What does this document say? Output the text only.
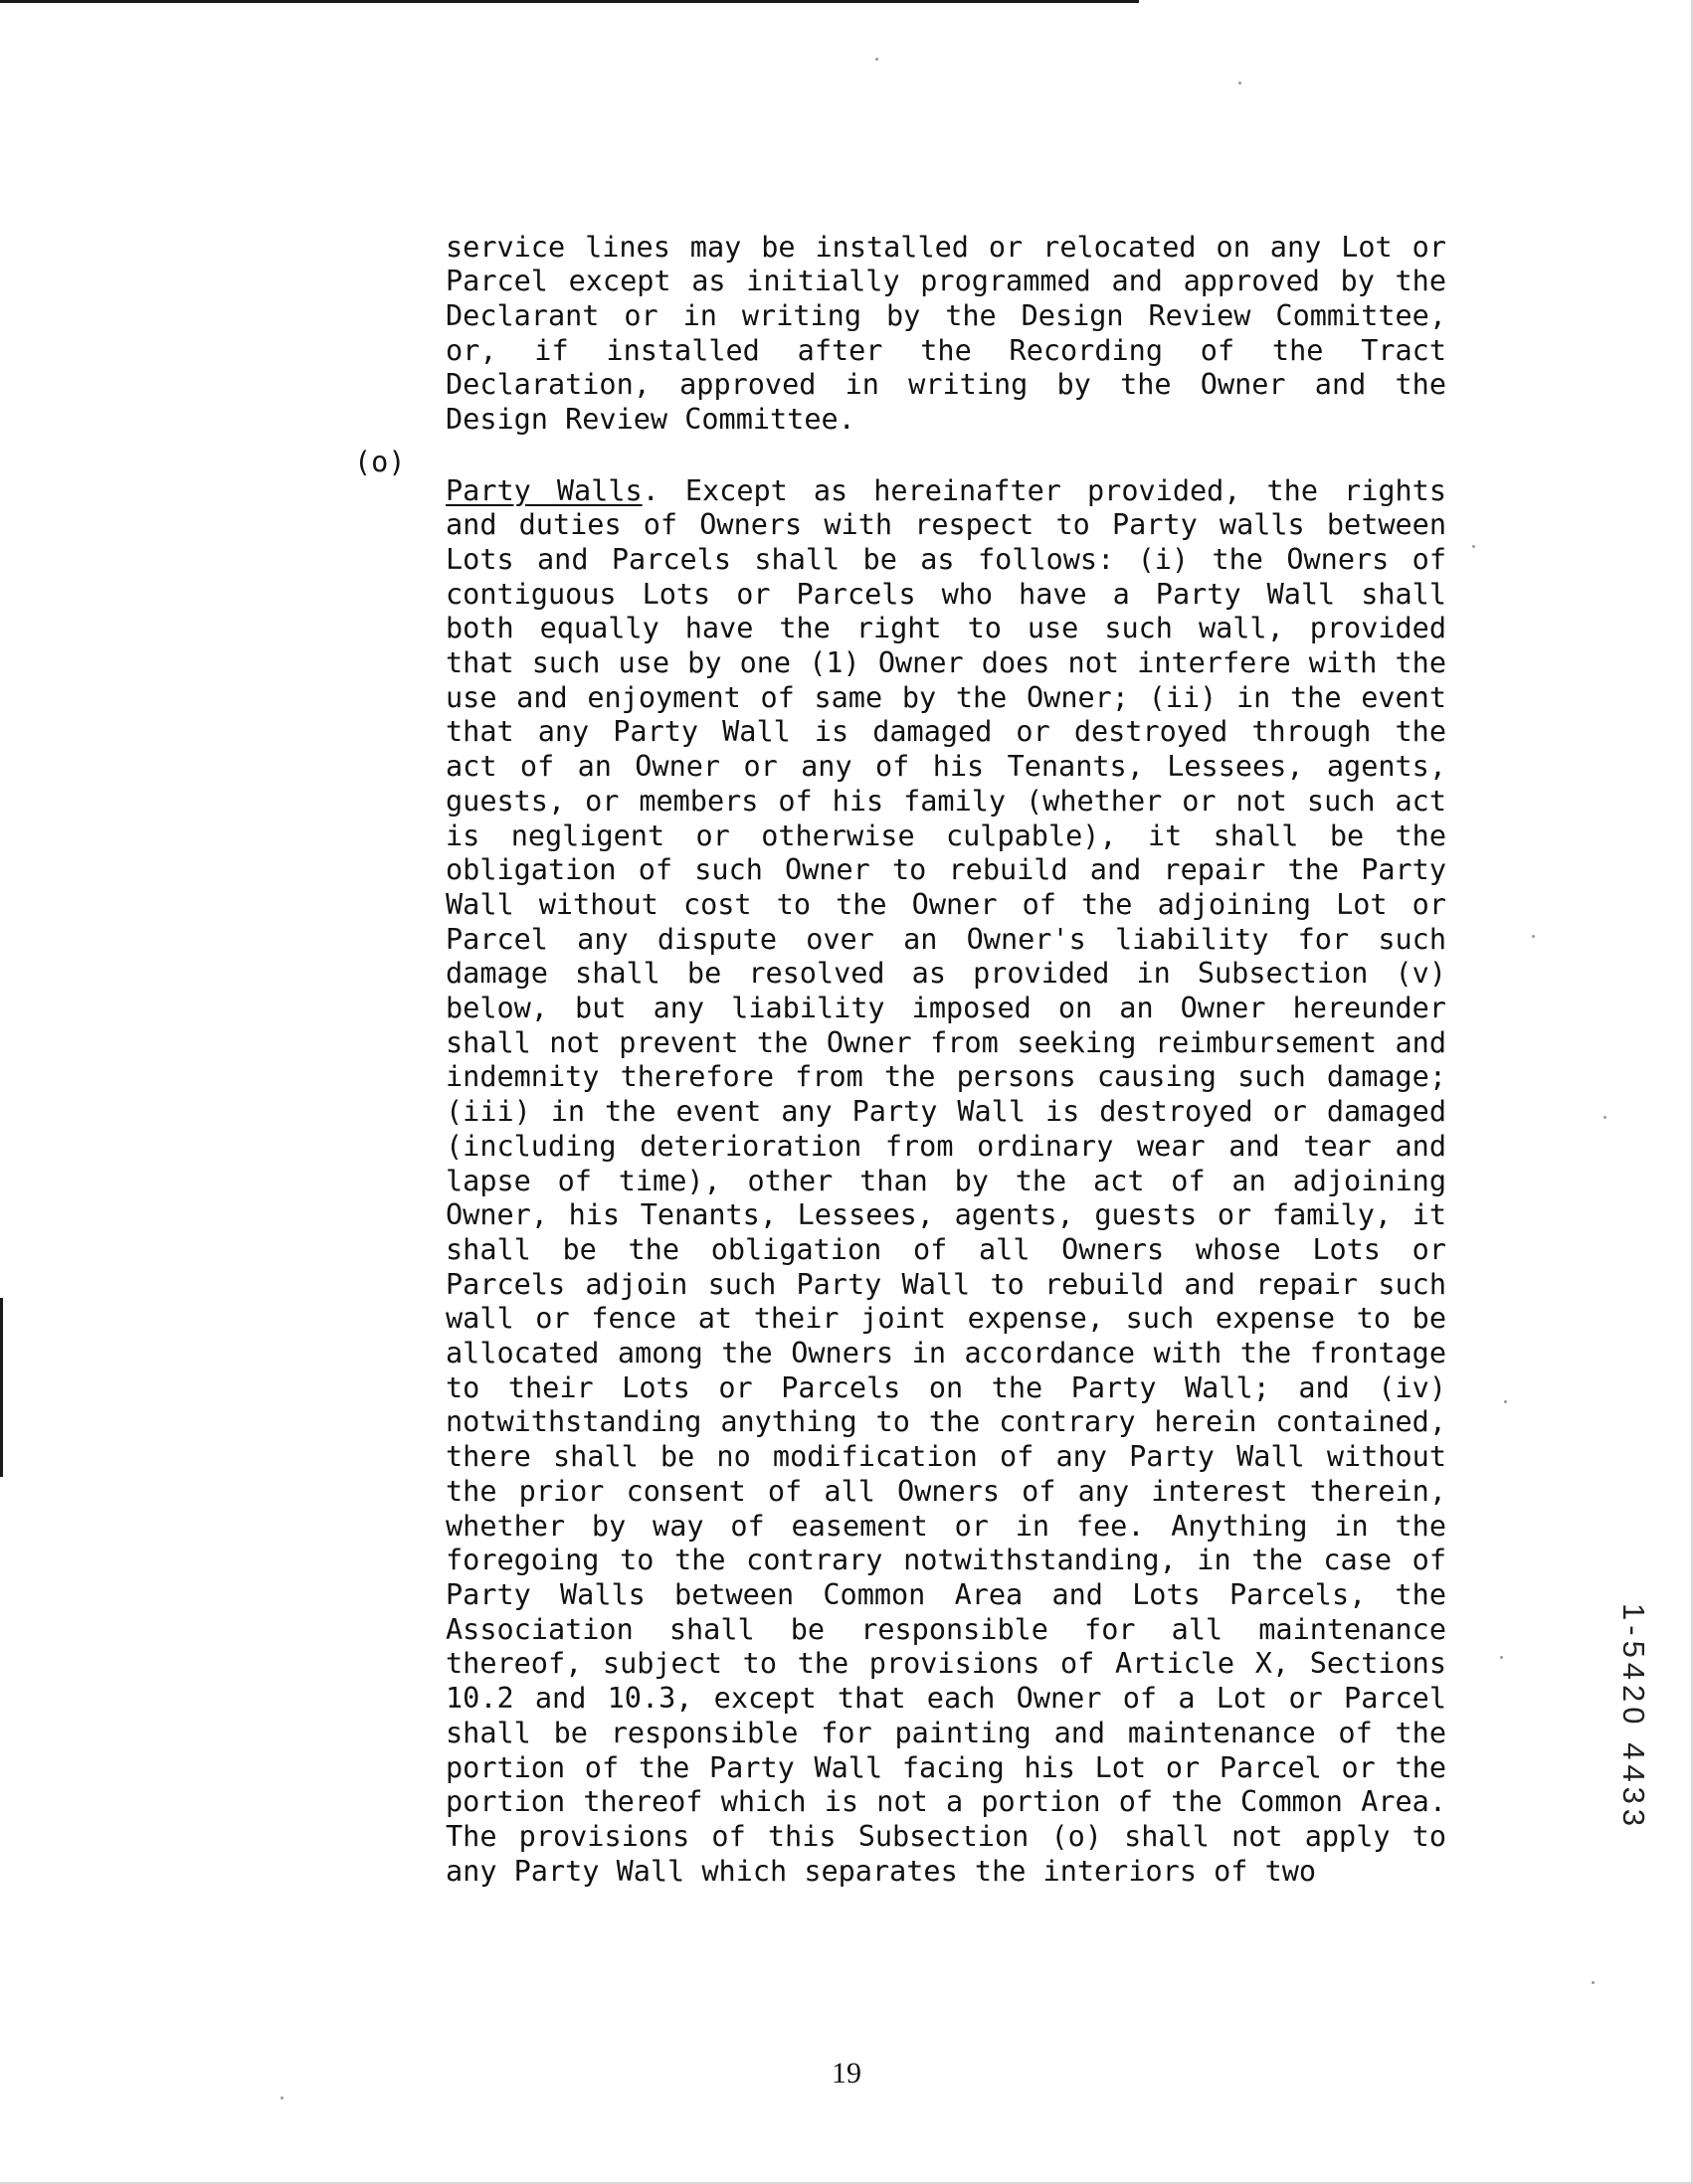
service lines may be installed or relocated on any Lot or Parcel except as initially programmed and approved by the Declarant or in writing by the Design Review Committee, or, if installed after the Recording of the Tract Declaration, approved in writing by the Owner and the Design Review Committee.

(o)

Party Walls. Except as hereinafter provided, the rights and duties of Owners with respect to Party walls between Lots and Parcels shall be as follows: (i) the Owners of contiguous Lots or Parcels who have a Party Wall shall both equally have the right to use such wall, provided that such use by one (1) Owner does not interfere with the use and enjoyment of same by the Owner; (ii) in the event that any Party Wall is damaged or destroyed through the act of an Owner or any of his Tenants, Lessees, agents, guests, or members of his family (whether or not such act is negligent or otherwise culpable), it shall be the obligation of such Owner to rebuild and repair the Party Wall without cost to the Owner of the adjoining Lot or Parcel any dispute over an Owner's liability for such damage shall be resolved as provided in Subsection (v) below, but any liability imposed on an Owner hereunder shall not prevent the Owner from seeking reimbursement and indemnity therefore from the persons causing such damage; (iii) in the event any Party Wall is destroyed or damaged (including deterioration from ordinary wear and tear and lapse of time), other than by the act of an adjoining Owner, his Tenants, Lessees, agents, guests or family, it shall be the obligation of all Owners whose Lots or Parcels adjoin such Party Wall to rebuild and repair such wall or fence at their joint expense, such expense to be allocated among the Owners in accordance with the frontage to their Lots or Parcels on the Party Wall; and (iv) notwithstanding anything to the contrary herein contained, there shall be no modification of any Party Wall without the prior consent of all Owners of any interest therein, whether by way of easement or in fee. Anything in the foregoing to the contrary notwithstanding, in the case of Party Walls between Common Area and Lots Parcels, the Association shall be responsible for all maintenance thereof, subject to the provisions of Article X, Sections 10.2 and 10.3, except that each Owner of a Lot or Parcel shall be responsible for painting and maintenance of the portion of the Party Wall facing his Lot or Parcel or the portion thereof which is not a portion of the Common Area. The provisions of this Subsection (o) shall not apply to any Party Wall which separates the interiors of two

19
1-5420 4433
